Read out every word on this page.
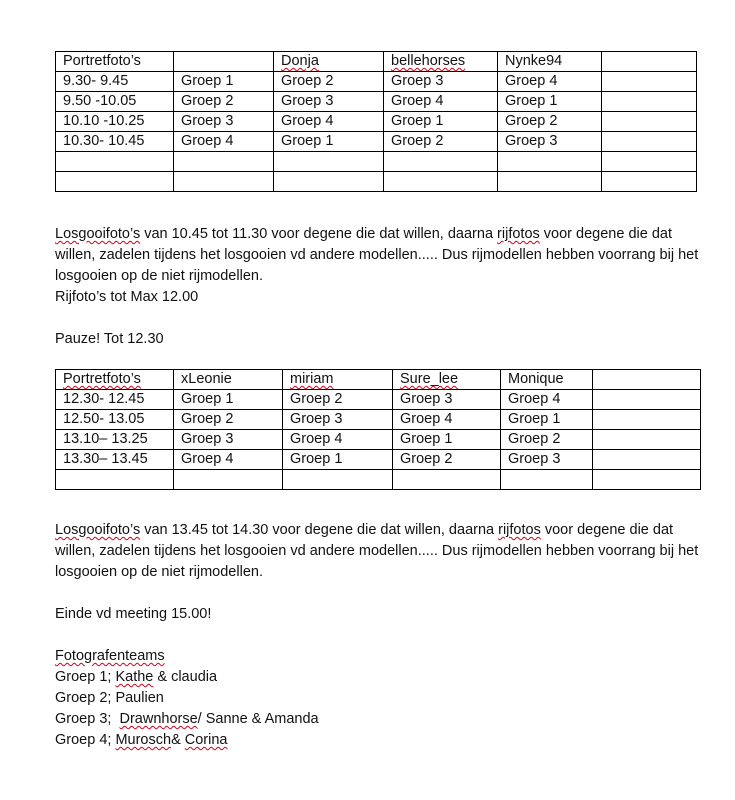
Portretfoto’s		Donja	bellehorses	Nynke94	
9.30- 9.45	Groep 1	Groep 2	Groep 3	Groep 4	
9.50 -10.05	Groep 2	Groep 3	Groep 4	Groep 1	
10.10 -10.25	Groep 3	Groep 4	Groep 1	Groep 2	
10.30- 10.45	Groep 4	Groep 1	Groep 2	Groep 3	

Losgooifoto’s van 10.45 tot 11.30 voor degene die dat willen, daarna rijfotos voor degene die dat willen, zadelen tijdens het losgooien vd andere modellen..... Dus rijmodellen hebben voorrang bij het losgooien op de niet rijmodellen.

Rijfoto’s tot Max 12.00

Pauze! Tot 12.30

Portretfoto’s	xLeonie	miriam	Sure_lee	Monique	
12.30- 12.45	Groep 1	Groep 2	Groep 3	Groep 4	
12.50- 13.05	Groep 2	Groep 3	Groep 4	Groep 1	
13.10– 13.25	Groep 3	Groep 4	Groep 1	Groep 2	
13.30– 13.45	Groep 4	Groep 1	Groep 2	Groep 3	

Losgooifoto’s van 13.45 tot 14.30 voor degene die dat willen, daarna rijfotos voor degene die dat willen, zadelen tijdens het losgooien vd andere modellen..... Dus rijmodellen hebben voorrang bij het losgooien op de niet rijmodellen.

Einde vd meeting 15.00!

Fotografenteams
Groep 1; Kathe & claudia
Groep 2; Paulien
Groep 3;  Drawnhorse/ Sanne & Amanda
Groep 4; Murosch& Corina
